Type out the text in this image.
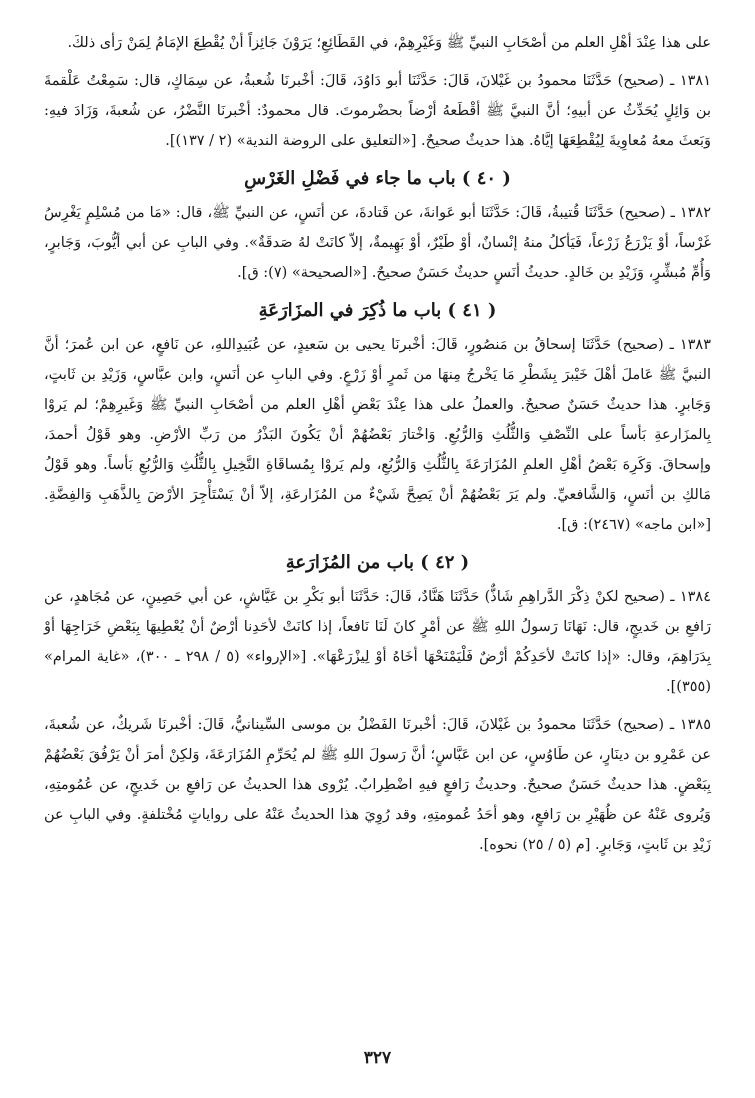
على هذا عِنْدَ أهْلِ العلم من أصْحَابِ النبيِّ ﷺ وَغَيْرِهِمْ، في القَطَائِعِ؛ يَرَوْنَ جَائِزاً أنْ يُقْطِعَ الإمَامُ لِمَنْ رَأى ذلكَ.

١٣٨١ ـ (صحيح) حَدَّثَنَا محمودُ بن غَيْلانَ، قَالَ: حَدَّثَنَا أبو دَاوُدَ، قَالَ: أخْبرنَا شُعبةُ، عن سِمَاكٍ، قال: سَمِعْتُ عَلْقمةَ بن وَائِلٍ يُحَدِّثُ عن أبيهِ؛ أنَّ النبيَّ ﷺ أقْطَعهُ أرْضاً بحضْرموتَ. قال محمودٌ: أخْبرنَا النَّضْرُ، عن شُعبةَ، وَزَادَ فيهِ: وَبَعثَ معهُ مُعاوِيةَ لِيُقْطِعَهَا إيَّاهُ. هذا حديثٌ صحيحٌ. [«التعليق على الروضة الندية» (٢ / ١٣٧)].

( ٤٠ ) باب ما جاء في فَضْلِ الغَرْسِ

١٣٨٢ ـ (صحيح) حَدَّثَنَا قُتيبةُ، قَالَ: حَدَّثَنَا أبو عَوانةَ، عن قَتادةَ، عن أنَسٍ، عن النبيِّ ﷺ، قال: «مَا من مُسْلِمٍ يَغْرِسُ غَرْساً، أوْ يَزْرَعُ زَرْعاً، فَيَأكلُ منهُ إنْسانٌ، أوْ طَيْرٌ، أوْ بَهِيمةٌ، إلاّ كانَتْ لهُ صَدقَةٌ». وفي البابِ عن أبي أيُّوبَ، وَجَابرٍ، وَأُمِّ مُبشِّرٍ، وَزَيْدِ بن خَالدٍ. حديثُ أنَسٍ حديثٌ حَسَنٌ صحيحٌ. [«الصحيحة» (٧): ق].

( ٤١ ) باب ما ذُكِرَ في المزَارَعَةِ

١٣٨٣ ـ (صحيح) حَدَّثَنَا إسحاقُ بن مَنصُورٍ، قَالَ: أخْبرنَا يحيى بن سَعيدٍ، عن عُبَيدِاللهِ، عن نَافعٍ، عن ابن عُمرَ؛ أنَّ النبيَّ ﷺ عَاملَ أهْلَ خَيْبرَ بِشَطْرِ مَا يَخْرجُ مِنهَا من ثَمرٍ أوْ زَرْعٍ. وفي البابِ عن أنَسٍ، وابن عبَّاسٍ، وَزَيْدِ بن ثَابتٍ، وَجَابرٍ. هذا حديثٌ حَسَنٌ صحيحٌ. والعملُ على هذا عِنْدَ بَعْضِ أهْلِ العلم من أصْحَابِ النبيِّ ﷺ وَغَيرِهِمْ؛ لم يَروْا بِالمزَارعةِ بَأساً على النِّصْفِ وَالثُّلُثِ وَالرُّبُعِ. وَاخْتارَ بَعْضُهُمْ أنْ يَكُونَ البَذْرُ من رَبِّ الأرْضِ. وهو قَوْلُ أحمدَ، وإسحاقَ. وَكَرِهَ بَعْضُ أهْلِ العلمِ المُزَارَعَةَ بِالثُّلُثِ وَالرُّبُعِ، ولم يَروْا بِمُساقَاةِ النَّخِيلِ بِالثُّلُثِ وَالرُّبُعِ بَأساً. وهو قَوْلُ مَالكِ بن أنَسٍ، وَالشَّافعيِّ. ولم يَرَ بَعْضُهُمْ أنْ يَصِحَّ شَيْءٌ من المُزَارعَةِ، إلاّ أنْ يَسْتَأْجِرَ الأرْضَ بِالذَّهَبِ وَالفِضَّةِ. [«ابن ماجه» (٢٤٦٧): ق].

( ٤٢ ) باب من المُزَارَعةِ

١٣٨٤ ـ (صحيح لكنْ ذِكْرَ الدَّراهِمِ شَاذٌّ) حَدَّثَنَا هَنَّادٌ، قَالَ: حَدَّثَنَا أبو بَكْرِ بن عَيَّاشٍ، عن أبي حَصِينٍ، عن مُجَاهدٍ، عن رَافعِ بن خَديجٍ، قال: نَهَانَا رَسولُ اللهِ ﷺ عن أمْرٍ كانَ لَنَا نَافعاً، إذا كانَتْ لأحَدِنا أرْضٌ أنْ يُعْطِيهَا بِبَعْضِ خَرَاجِهَا أوْ بِدَرَاهِمَ، وقال: «إذا كانَتْ لأحَدِكُمْ أرْضٌ فَلْيَمْنَحْهَا أخَاهُ أوْ لِيزْرَعْهَا». [«الإرواء» (٥ / ٢٩٨ ـ ٣٠٠)، «غاية المرام» (٣٥٥)].

١٣٨٥ ـ (صحيح) حَدَّثَنَا محمودُ بن غَيْلانَ، قَالَ: أخْبرنَا الفَضْلُ بن موسى السِّينانيُّ، قَالَ: أخْبرنَا شَريكٌ، عن شُعبةَ، عن عَمْرِو بن دينَارٍ، عن طَاوُسٍ، عن ابن عَبَّاسٍ؛ أنَّ رَسولَ اللهِ ﷺ لم يُحَرِّمِ المُزَارَعَةَ، وَلكِنْ أمرَ أنْ يَرْفُقَ بَعْضُهُمْ بِبَعْضٍ. هذا حديثٌ حَسَنٌ صحيحٌ. وحديثُ رَافعٍ فيهِ اضْطِرابٌ. يُرْوى هذا الحديثُ عن رَافعِ بن خَديجٍ، عن عُمُومتِهِ، وَيُروى عَنْهُ عن ظُهَيْرِ بن رَافعٍ، وهو أحَدُ عُمومتِهِ، وقد رُوِيَ هذا الحديثُ عَنْهُ على رواياتٍ مُخْتلفةٍ. وفي البابِ عن زَيْدِ بن ثَابتٍ، وَجَابرٍ. [م (٥ / ٢٥) نحوه].

٣٢٧
